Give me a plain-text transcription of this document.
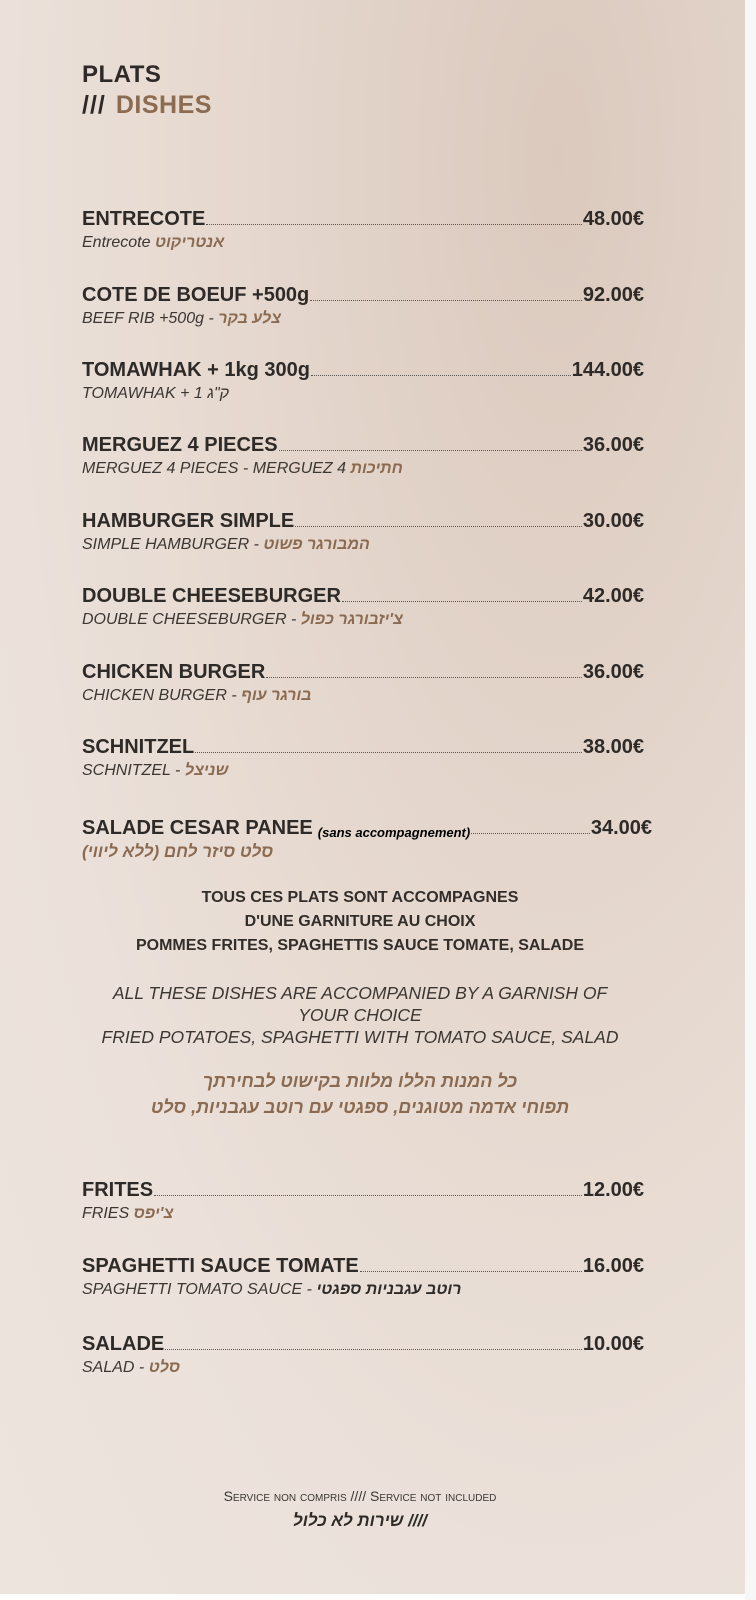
PLATS
/// DISHES
ENTRECOTE	48.00€
Entrecote אנטריקוט
COTE DE BOEUF +500g	92.00€
BEEF RIB +500g - צלע בקר
TOMAWHAK + 1kg 300g	144.00€
TOMAWHAK + 1 ק"ג
MERGUEZ 4 PIECES	36.00€
MERGUEZ 4 PIECES - MERGUEZ 4 חתיכות
HAMBURGER SIMPLE	30.00€
SIMPLE HAMBURGER - המבורגר פשוט
DOUBLE CHEESEBURGER	42.00€
DOUBLE CHEESEBURGER - צ'יזבורגר כפול
CHICKEN BURGER	36.00€
CHICKEN BURGER - בורגר עוף
SCHNITZEL	38.00€
SCHNITZEL - שניצל
SALADE CESAR PANEE (sans accompagnement)	34.00€
סלט סיזר לחם (ללא ליווי)
TOUS CES PLATS SONT ACCOMPAGNES
D'UNE GARNITURE AU CHOIX
POMMES FRITES, SPAGHETTIS SAUCE TOMATE, SALADE
ALL THESE DISHES ARE ACCOMPANIED BY A GARNISH OF
YOUR CHOICE
FRIED POTATOES, SPAGHETTI WITH TOMATO SAUCE, SALAD
כל המנות הללו מלוות בקישוט לבחירתך
תפוחי אדמה מטוגנים, ספגטי עם רוטב עגבניות, סלט
FRITES	12.00€
FRIES צ'יפס
SPAGHETTI SAUCE TOMATE	16.00€
SPAGHETTI TOMATO SAUCE - רוטב עגבניות ספגטי
SALADE	10.00€
SALAD - סלט
Service non compris //// Service not included
//// שירות לא כלול
